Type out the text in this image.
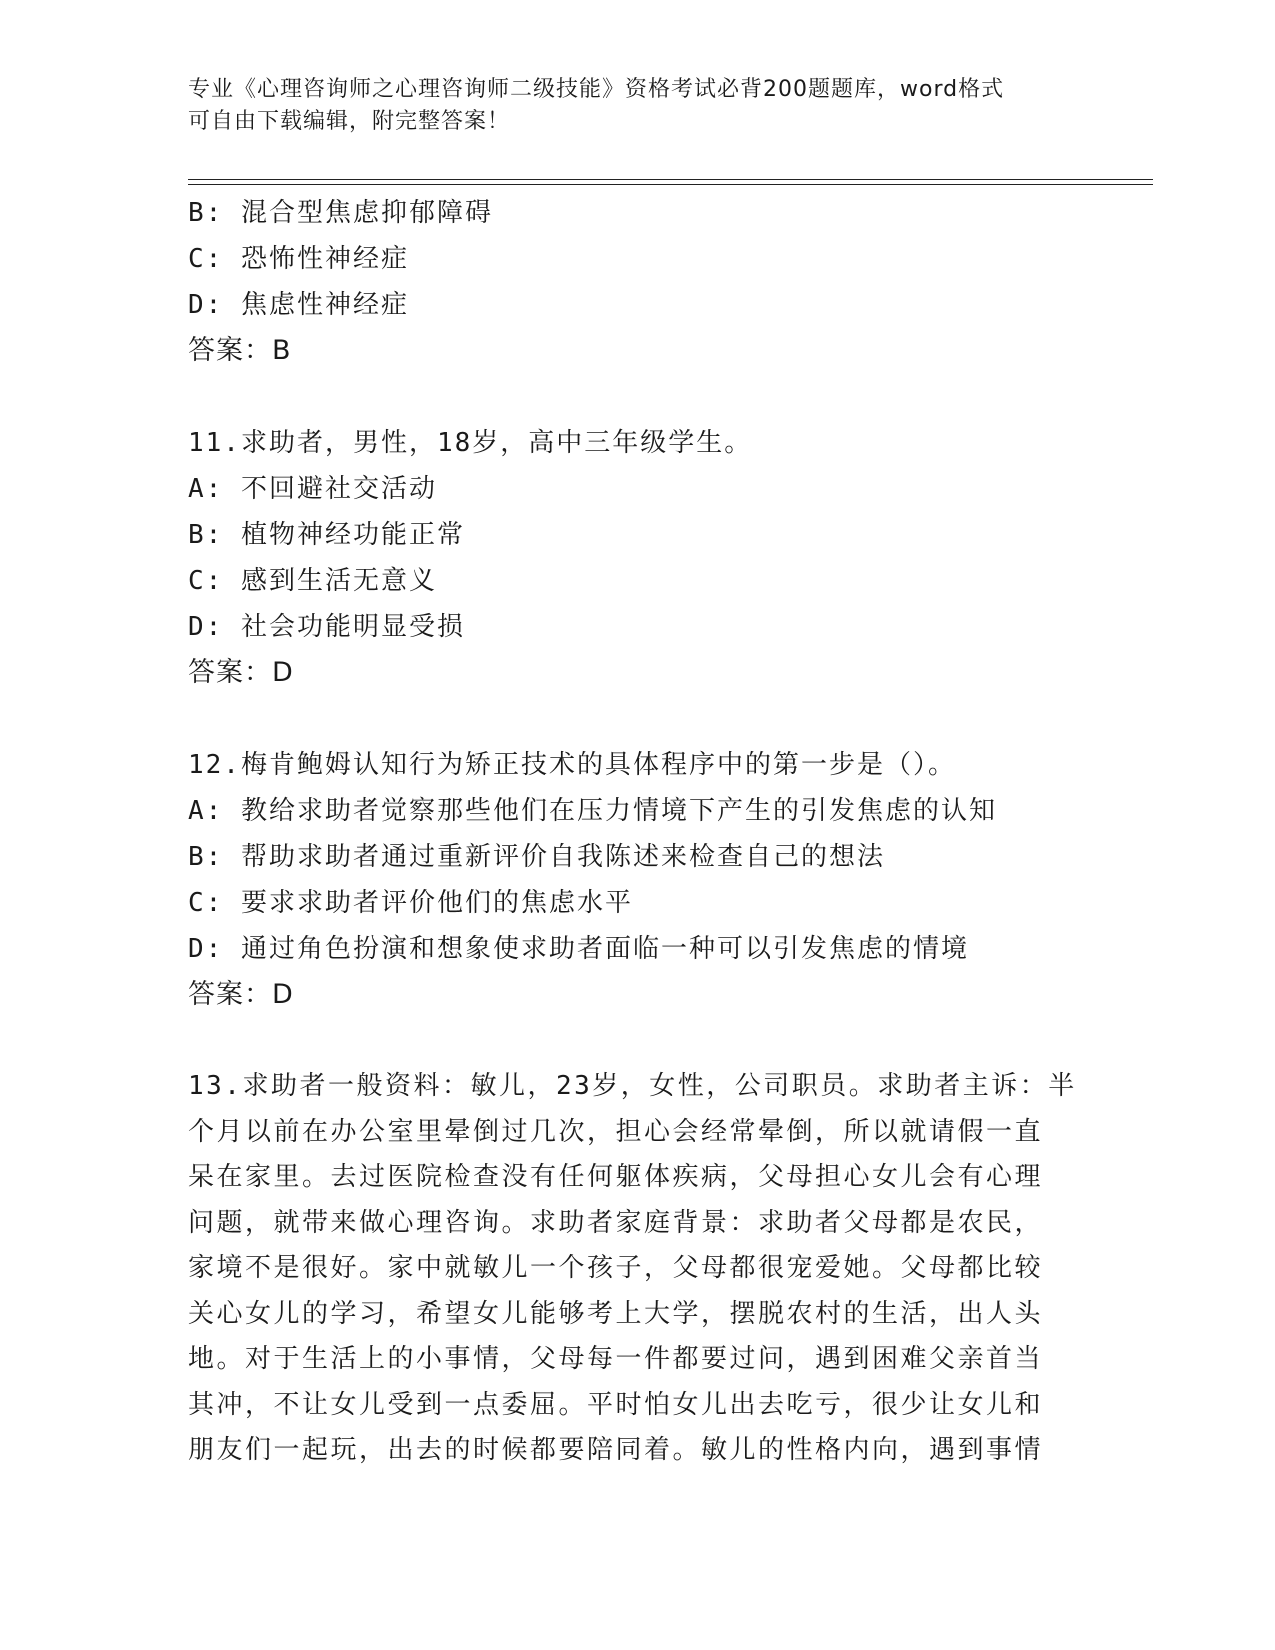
专业《心理咨询师之心理咨询师二级技能》资格考试必背200题题库，word格式
可自由下载编辑，附完整答案！
B: 混合型焦虑抑郁障碍
C: 恐怖性神经症
D: 焦虑性神经症
答案：B
11.求助者，男性，18岁，高中三年级学生。
A: 不回避社交活动
B: 植物神经功能正常
C: 感到生活无意义
D: 社会功能明显受损
答案：D
12.梅肯鲍姆认知行为矫正技术的具体程序中的第一步是（）。
A: 教给求助者觉察那些他们在压力情境下产生的引发焦虑的认知
B: 帮助求助者通过重新评价自我陈述来检查自己的想法
C: 要求求助者评价他们的焦虑水平
D: 通过角色扮演和想象使求助者面临一种可以引发焦虑的情境
答案：D
13.求助者一般资料：敏儿，23岁，女性，公司职员。求助者主诉：半
个月以前在办公室里晕倒过几次，担心会经常晕倒，所以就请假一直
呆在家里。去过医院检查没有任何躯体疾病，父母担心女儿会有心理
问题，就带来做心理咨询。求助者家庭背景：求助者父母都是农民，
家境不是很好。家中就敏儿一个孩子，父母都很宠爱她。父母都比较
关心女儿的学习，希望女儿能够考上大学，摆脱农村的生活，出人头
地。对于生活上的小事情，父母每一件都要过问，遇到困难父亲首当
其冲，不让女儿受到一点委屈。平时怕女儿出去吃亏，很少让女儿和
朋友们一起玩，出去的时候都要陪同着。敏儿的性格内向，遇到事情
